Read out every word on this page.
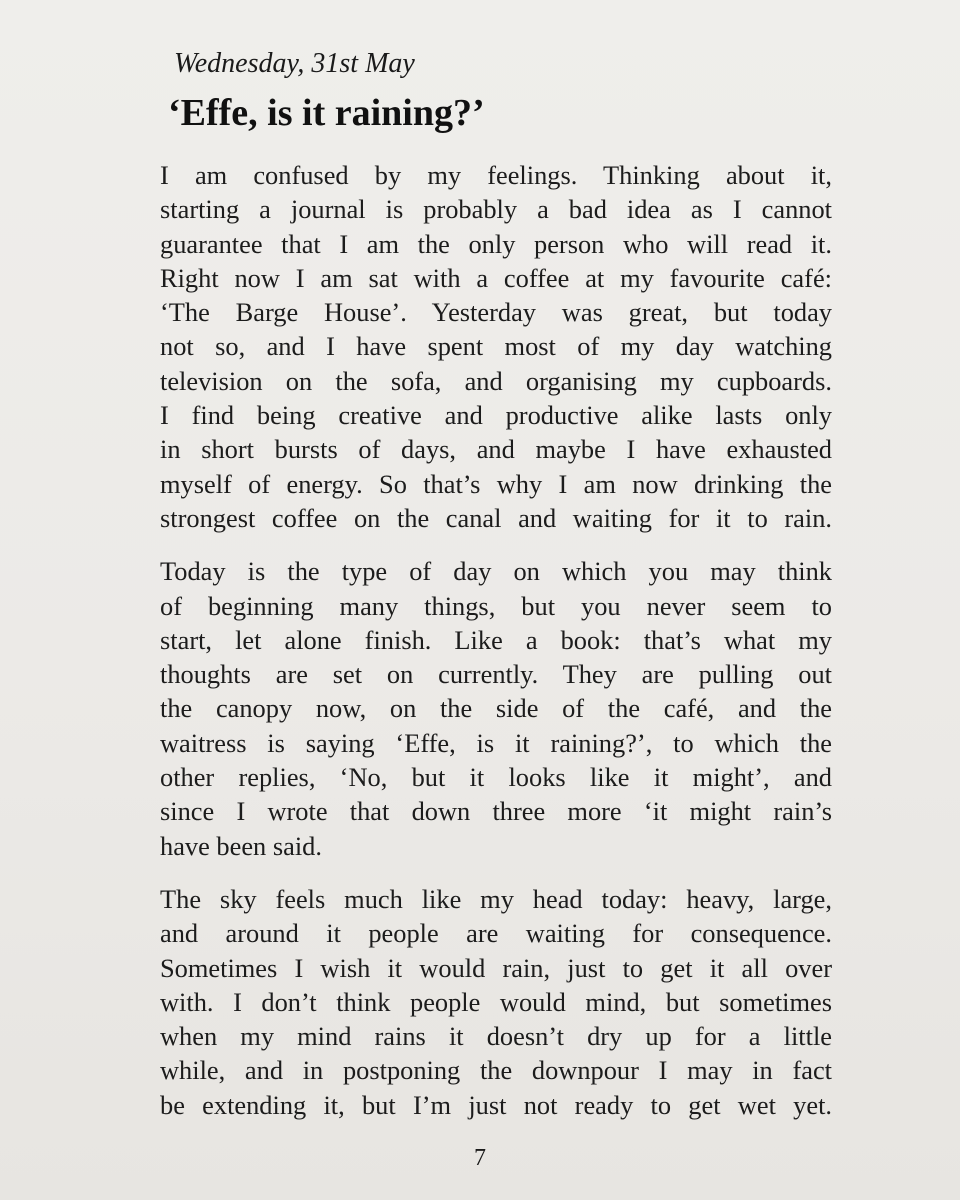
Wednesday, 31st May

‘Effe, is it raining?’
I am confused by my feelings. Thinking about it,
starting a journal is probably a bad idea as I cannot
guarantee that I am the only person who will read it.
Right now I am sat with a coffee at my favourite café:
‘The Barge House’. Yesterday was great, but today
not so, and I have spent most of my day watching
television on the sofa, and organising my cupboards.
I find being creative and productive alike lasts only
in short bursts of days, and maybe I have exhausted
myself of energy. So that’s why I am now drinking the
strongest coffee on the canal and waiting for it to rain.
Today is the type of day on which you may think
of beginning many things, but you never seem to
start, let alone finish. Like a book: that’s what my
thoughts are set on currently. They are pulling out
the canopy now, on the side of the café, and the
waitress is saying ‘Effe, is it raining?’, to which the
other replies, ‘No, but it looks like it might’, and
since I wrote that down three more ‘it might rain’s
have been said.
The sky feels much like my head today: heavy, large,
and around it people are waiting for consequence.
Sometimes I wish it would rain, just to get it all over
with. I don’t think people would mind, but sometimes
when my mind rains it doesn’t dry up for a little
while, and in postponing the downpour I may in fact
be extending it, but I’m just not ready to get wet yet.
7
